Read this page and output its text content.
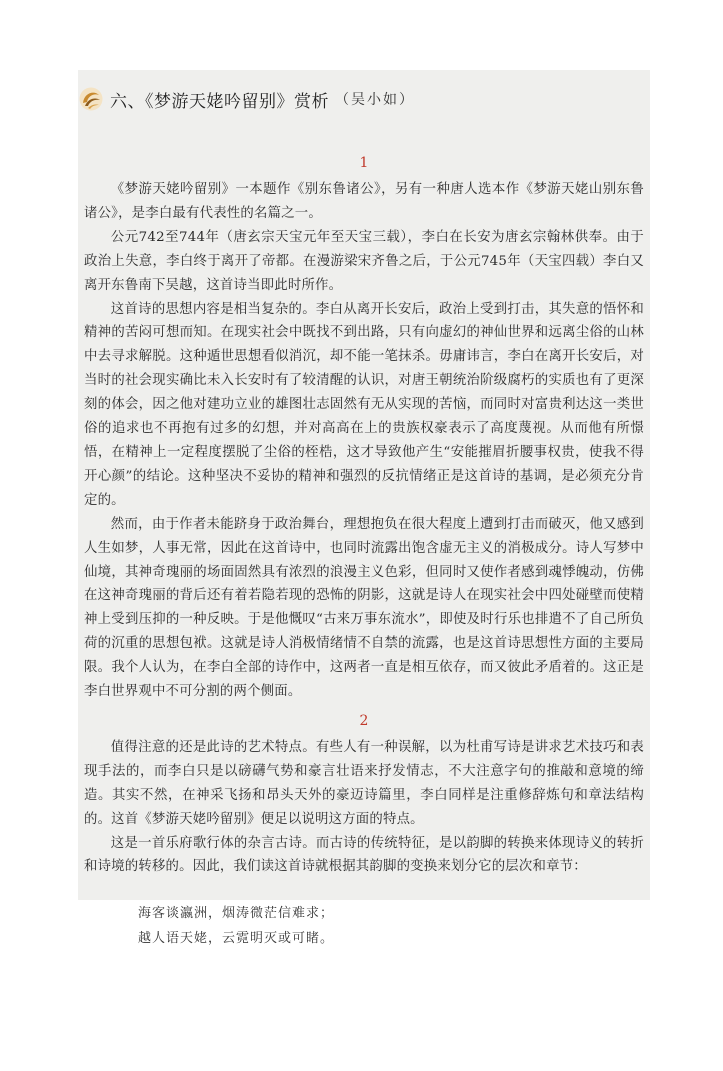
六、《梦游天姥吟留别》赏析 （吴小如）
1

《梦游天姥吟留别》一本题作《别东鲁诸公》，另有一种唐人选本作《梦游天姥山别东鲁诸公》，是李白最有代表性的名篇之一。

公元742至744年（唐玄宗天宝元年至天宝三载），李白在长安为唐玄宗翰林供奉。由于政治上失意，李白终于离开了帝都。在漫游梁宋齐鲁之后，于公元745年（天宝四载）李白又离开东鲁南下吴越，这首诗当即此时所作。

这首诗的思想内容是相当复杂的。李白从离开长安后，政治上受到打击，其失意的悟怀和精神的苦闷可想而知。在现实社会中既找不到出路，只有向虚幻的神仙世界和远离尘俗的山林中去寻求解脱。这种遁世思想看似消沉，却不能一笔抹杀。毋庸讳言，李白在离开长安后，对当时的社会现实确比未入长安时有了较清醒的认识，对唐王朝统治阶级腐朽的实质也有了更深刻的体会，因之他对建功立业的雄图壮志固然有无从实现的苦恼，而同时对富贵利达这一类世俗的追求也不再抱有过多的幻想，并对高高在上的贵族权豪表示了高度蔑视。从而他有所憬悟，在精神上一定程度摆脱了尘俗的桎梏，这才导致他产生“安能摧眉折腰事权贵，使我不得开心颜”的结论。这种坚决不妥协的精神和强烈的反抗情绪正是这首诗的基调，是必须充分肯定的。

然而，由于作者未能跻身于政治舞台，理想抱负在很大程度上遭到打击而破灭，他又感到人生如梦，人事无常，因此在这首诗中，也同时流露出饱含虚无主义的消极成分。诗人写梦中仙境，其神奇瑰丽的场面固然具有浓烈的浪漫主义色彩，但同时又使作者感到魂悸魄动，仿佛在这神奇瑰丽的背后还有着若隐若现的恐怖的阴影，这就是诗人在现实社会中四处碰壁而使精神上受到压抑的一种反映。于是他慨叹“古来万事东流水”，即使及时行乐也排遣不了自己所负荷的沉重的思想包袱。这就是诗人消极情绪情不自禁的流露，也是这首诗思想性方面的主要局限。我个人认为，在李白全部的诗作中，这两者一直是相互依存，而又彼此矛盾着的。这正是李白世界观中不可分割的两个侧面。

2

值得注意的还是此诗的艺术特点。有些人有一种误解，以为杜甫写诗是讲求艺术技巧和表现手法的，而李白只是以磅礴气势和豪言壮语来抒发情志，不大注意字句的推敲和意境的缔造。其实不然，在神采飞扬和昂头天外的豪迈诗篇里，李白同样是注重修辞炼句和章法结构的。这首《梦游天姥吟留别》便足以说明这方面的特点。

这是一首乐府歌行体的杂言古诗。而古诗的传统特征，是以韵脚的转换来体现诗义的转折和诗境的转移的。因此，我们读这首诗就根据其韵脚的变换来划分它的层次和章节：

海客谈瀛洲，烟涛微茫信难求；

越人语天姥，云霓明灭或可睹。
